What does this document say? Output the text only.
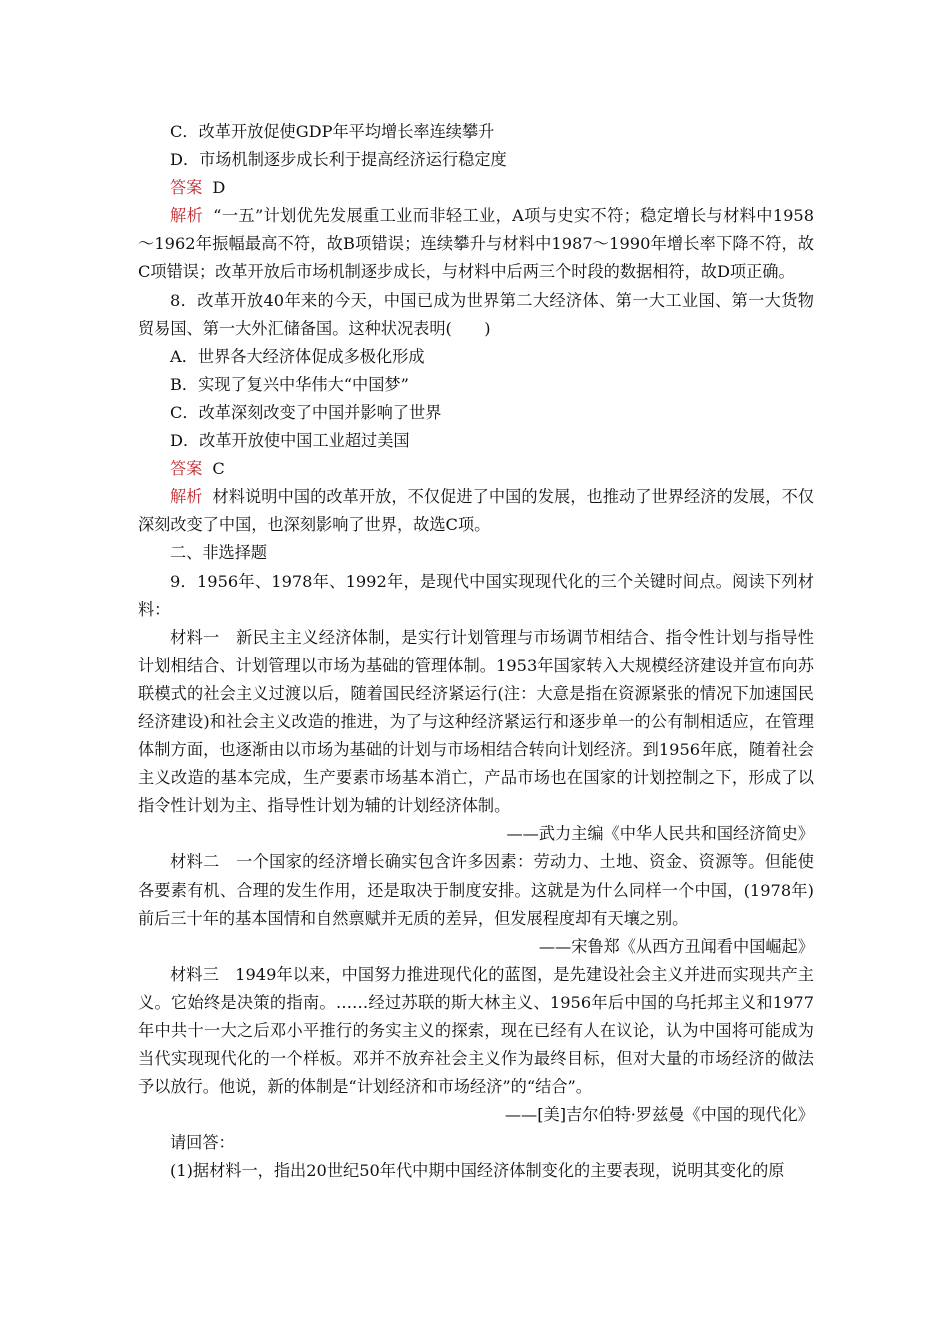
C．改革开放促使GDP年平均增长率连续攀升

D．市场机制逐步成长利于提高经济运行稳定度

答案 D

解析 “一五”计划优先发展重工业而非轻工业，A项与史实不符；稳定增长与材料中1958～1962年振幅最高不符，故B项错误；连续攀升与材料中1987～1990年增长率下降不符，故C项错误；改革开放后市场机制逐步成长，与材料中后两三个时段的数据相符，故D项正确。

8．改革开放40年来的今天，中国已成为世界第二大经济体、第一大工业国、第一大货物贸易国、第一大外汇储备国。这种状况表明(　　)

A．世界各大经济体促成多极化形成

B．实现了复兴中华伟大“中国梦”

C．改革深刻改变了中国并影响了世界

D．改革开放使中国工业超过美国

答案 C

解析 材料说明中国的改革开放，不仅促进了中国的发展，也推动了世界经济的发展，不仅深刻改变了中国，也深刻影响了世界，故选C项。

二、非选择题

9．1956年、1978年、1992年，是现代中国实现现代化的三个关键时间点。阅读下列材料：

材料一　新民主主义经济体制，是实行计划管理与市场调节相结合、指令性计划与指导性计划相结合、计划管理以市场为基础的管理体制。1953年国家转入大规模经济建设并宣布向苏联模式的社会主义过渡以后，随着国民经济紧运行(注：大意是指在资源紧张的情况下加速国民经济建设)和社会主义改造的推进，为了与这种经济紧运行和逐步单一的公有制相适应，在管理体制方面，也逐渐由以市场为基础的计划与市场相结合转向计划经济。到1956年底，随着社会主义改造的基本完成，生产要素市场基本消亡，产品市场也在国家的计划控制之下，形成了以指令性计划为主、指导性计划为辅的计划经济体制。

——武力主编《中华人民共和国经济简史》

材料二　一个国家的经济增长确实包含许多因素：劳动力、土地、资金、资源等。但能使各要素有机、合理的发生作用，还是取决于制度安排。这就是为什么同样一个中国，(1978年)前后三十年的基本国情和自然禀赋并无质的差异，但发展程度却有天壤之别。

——宋鲁郑《从西方丑闻看中国崛起》

材料三　1949年以来，中国努力推进现代化的蓝图，是先建设社会主义并进而实现共产主义。它始终是决策的指南。……经过苏联的斯大林主义、1956年后中国的乌托邦主义和1977年中共十一大之后邓小平推行的务实主义的探索，现在已经有人在议论，认为中国将可能成为当代实现现代化的一个样板。邓并不放弃社会主义作为最终目标，但对大量的市场经济的做法予以放行。他说，新的体制是“计划经济和市场经济”的“结合”。

——[美]吉尔伯特·罗兹曼《中国的现代化》

请回答：

(1)据材料一，指出20世纪50年代中期中国经济体制变化的主要表现，说明其变化的原
